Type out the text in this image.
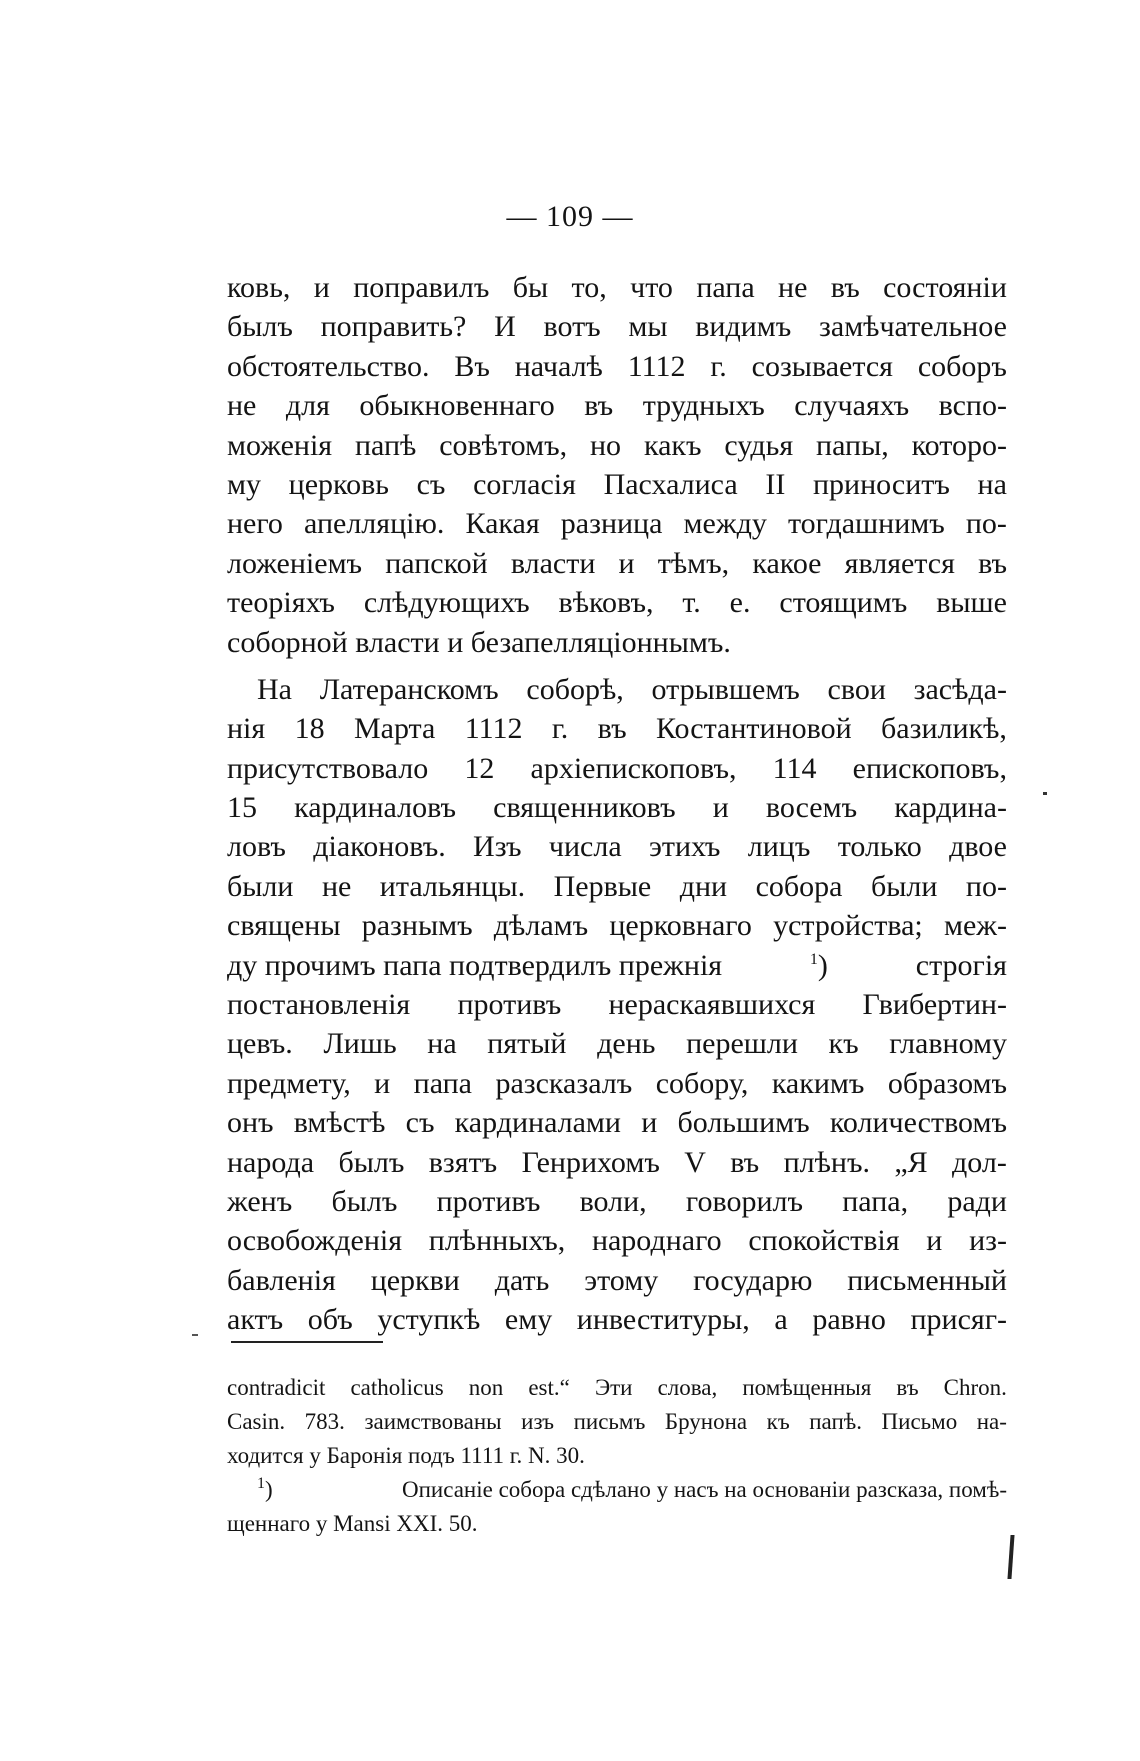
— 109 —
ковь, и поправилъ бы то, что папа не въ состояніи
былъ поправить? И вотъ мы видимъ замѣчательное
обстоятельство. Въ началѣ 1112 г. созывается соборъ
не для обыкновеннаго въ трудныхъ случаяхъ вспо-
моженія папѣ совѣтомъ, но какъ судья папы, которо-
му церковь съ согласія Пасхалиса II приноситъ на
него апелляцію. Какая разница между тогдашнимъ по-
ложеніемъ папской власти и тѣмъ, какое является въ
теоріяхъ слѣдующихъ вѣковъ, т. е. стоящимъ выше
соборной власти и безапелляціоннымъ.
На Латеранскомъ соборѣ, отрывшемъ свои засѣда-
нія 18 Марта 1112 г. въ Костантиновой базиликѣ,
присутствовало 12 архіепископовъ, 114 епископовъ,
15 кардиналовъ священниковъ и восемъ кардина-
ловъ діаконовъ. Изъ числа этихъ лицъ только двое
были не итальянцы. Первые дни собора были по-
священы разнымъ дѣламъ церковнаго устройства; меж-
ду прочимъ папа подтвердилъ прежнія	1)	строгія
постановленія противъ нераскаявшихся Гвибертин-
цевъ. Лишь на пятый день перешли къ главному
предмету, и папа разсказалъ собору, какимъ образомъ
онъ вмѣстѣ съ кардиналами и большимъ количествомъ
народа былъ взятъ Генрихомъ V въ плѣнъ. „Я дол-
женъ былъ противъ воли, говорилъ папа, ради
освобожденія плѣнныхъ, народнаго спокойствія и из-
бавленія церкви дать этому государю письменный
актъ объ уступкѣ ему инвеституры, а равно присяг-
contradicit catholicus non est.“ Эти слова, помѣщенныя въ Chron.
Casin. 783. заимствованы изъ письмъ Брунона къ папѣ. Письмо на-
ходится у Баронія подъ 1111 г. N. 30.
1)	Описаніе собора сдѣлано у насъ на основаніи разсказа, помѣ-
щеннаго у Mansi XXI. 50.
